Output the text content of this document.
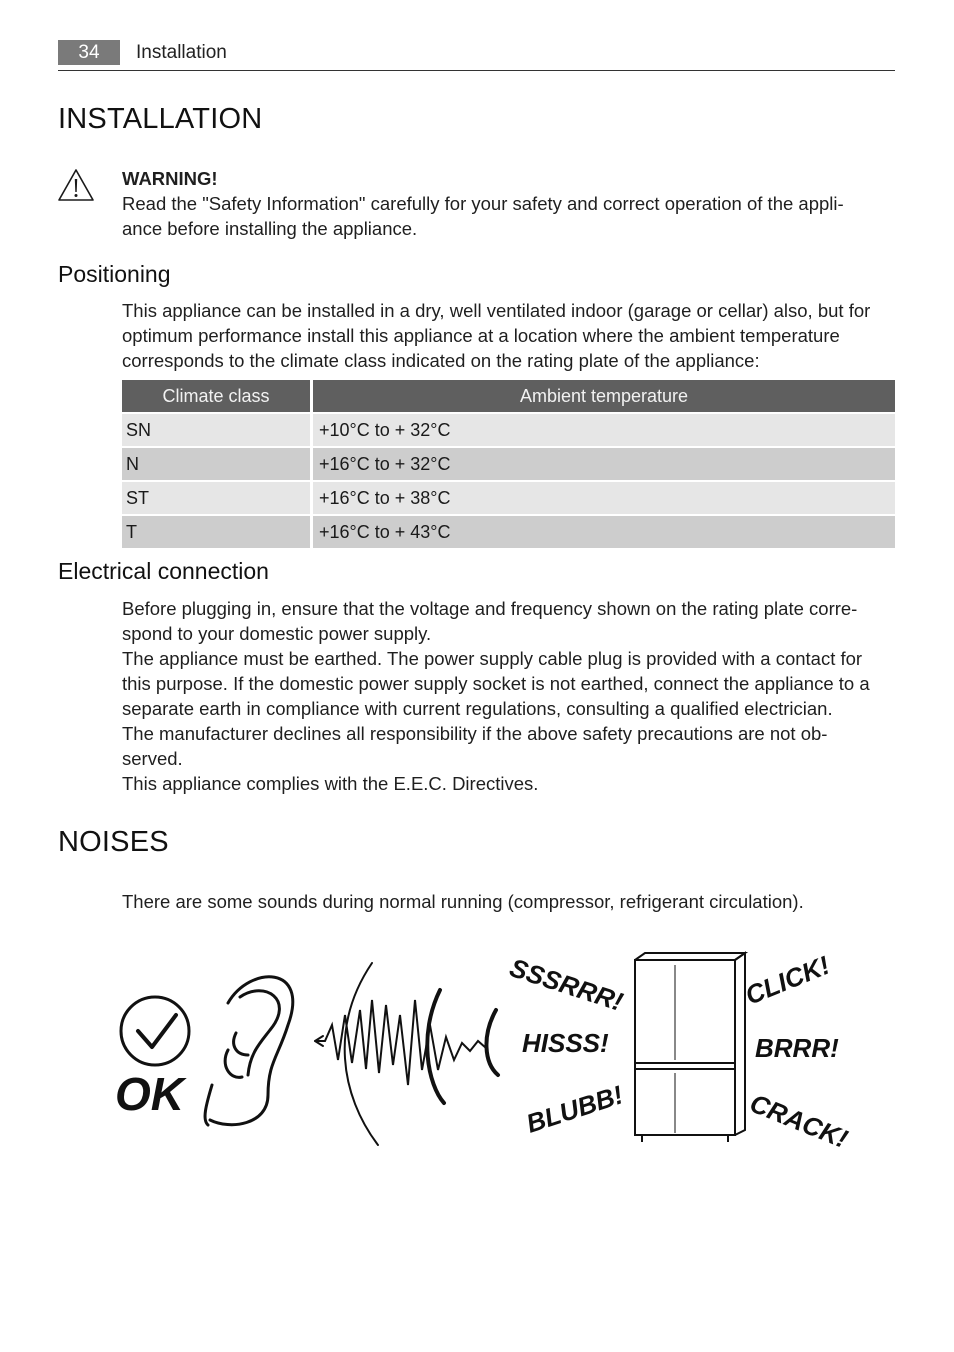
34	Installation
INSTALLATION

WARNING!

Read the "Safety Information" carefully for your safety and correct operation of the appli-

ance before installing the appliance.

Positioning

This appliance can be installed in a dry, well ventilated indoor (garage or cellar) also, but for

optimum performance install this appliance at a location where the ambient temperature

corresponds to the climate class indicated on the rating plate of the appliance:

Climate class	Ambient temperature
SN	+10°C to + 32°C
N	+16°C to + 32°C
ST	+16°C to + 38°C
T	+16°C to + 43°C
Electrical connection

Before plugging in, ensure that the voltage and frequency shown on the rating plate corre-

spond to your domestic power supply.

The appliance must be earthed. The power supply cable plug is provided with a contact for

this purpose. If the domestic power supply socket is not earthed, connect the appliance to a

separate earth in compliance with current regulations, consulting a qualified electrician.

The manufacturer declines all responsibility if the above safety precautions are not ob-

served.

This appliance complies with the E.E.C. Directives.

NOISES
There are some sounds during normal running (compressor, refrigerant circulation).
OK
SSSRRR!
HISSS!
BLUBB!
CLICK!
BRRR!
CRACK!
